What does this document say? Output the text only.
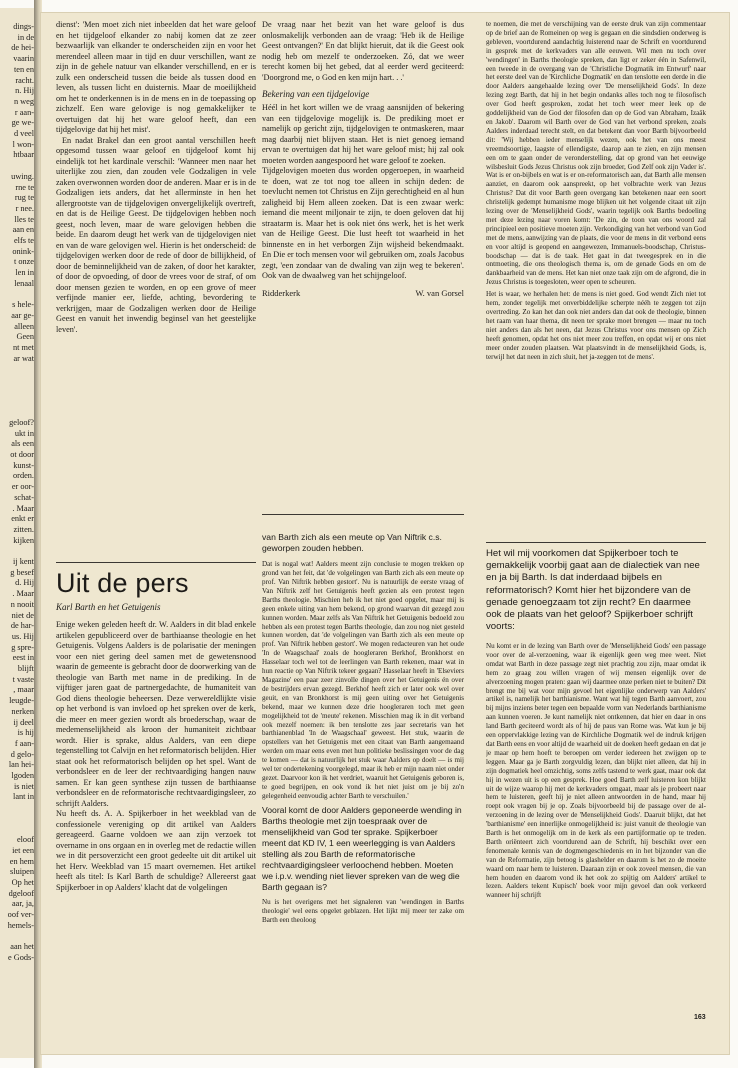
dings-
in de
de hei-
vaarin
ten en
racht.
n. Hij
n weg
r aan-
ge we-
d veel
l won-
htbaar
uwing.
rne te
rug te
r nee.
lles te
aan en
elfs te
onink-
t onze
len in
lenaal
s hele-
aar ge-
alleen
Geen
nt met
ar wat
geloof?
ukt in
als een
ot door
kunst-
orden.
er oor-
schat-
. Maar
enkt er
zitten.
kijken
ij kent
g besef
d. Hij
. Maar
n nooit
niet de
de har-
us. Hij
g spre-
eest in
blijft
t vaste
, maar
leugde-
nerken
ij deel
is hij
f aan-
d gelo-
lan hei-
lgoden
is niet
lant in
eloof
iet een
en hem
sluipen
Op het
dgeloof
aar, ja,
oof ver-
hemels-
aan het
e Gods-

dienst': 'Men moet zich niet inbeelden dat het ware geloof en het tijdgeloof elkander zo nabij komen dat ze zeer bezwaarlijk van elkander te onderscheiden zijn en voor het merendeel alleen maar in tijd en duur verschillen, want ze zijn in de gehele natuur van elkander verschillend, en er is zulk een onderscheid tussen die beide als tussen dood en leven, als tussen licht en duisternis. Maar de moeilijkheid om het te onderkennen is in de mens en in de toepassing op zichzelf. Een ware gelovige is nog gemakkelijker te overtuigen dat hij het ware geloof heeft, dan een tijdgelovige dat hij het mist'.

En nadat Brakel dan een groot aantal verschillen heeft opgesomd tussen waar geloof en tijdgeloof komt hij eindelijk tot het kardinale verschil: 'Wanneer men naar het uiterlijke zou zien, dan zouden vele Godzaligen in vele zaken overwonnen worden door de anderen. Maar er is in de Godzaligen iets anders, dat het allerminste in hen het allergrootste van de tijdgelovigen onvergelijkelijk overtreft, en dat is de Heilige Geest. De tijdgelovigen hebben noch geest, noch leven, maar de ware gelovigen hebben die beide. En daarom deugt het werk van de tijdgelovigen niet en van de ware gelovigen wel. Hierin is het onderscheid: de tijdgelovigen werken door de rede of door de billijkheid, of door de beminnelijkheid van de zaken, of door het karakter, of door de opvoeding, of door de vrees voor de straf, of om door mensen gezien te worden, en op een grove of meer verfijnde manier eer, liefde, achting, bevordering te verkrijgen, maar de Godzaligen werken door de Heilige Geest en vanuit het inwendig beginsel van het geestelijke leven'.

De vraag naar het bezit van het ware geloof is dus onlosmakelijk verbonden aan de vraag: 'Heb ik de Heilige Geest ontvangen?' En dat blijkt hieruit, dat ik die Geest ook nodig heb om mezelf te onderzoeken. Zó, dat we weer terecht komen bij het gebed, dat al eerder werd geciteerd: 'Doorgrond me, o God en ken mijn hart. . .'

Bekering van een tijdgelovige

Héél in het kort willen we de vraag aansnijden of bekering van een tijdgelovige mogelijk is. De prediking moet er namelijk op gericht zijn, tijdgelovigen te ontmaskeren, maar mag daarbij niet blijven staan. Het is niet genoeg iemand ervan te overtuigen dat hij het ware geloof mist; hij zal ook moeten worden aangespoord het ware geloof te zoeken.

Tijdgelovigen moeten dus worden opgeroepen, in waarheid te doen, wat ze tot nog toe alleen in schijn deden: de toevlucht nemen tot Christus en Zijn gerechtigheid en al hun zaligheid bij Hem alleen zoeken. Dat is een zwaar werk: iemand die meent miljonair te zijn, te doen geloven dat hij straatarm is. Maar het is ook niet óns werk, het is het werk van de Heilige Geest. Die lust heeft tot waarheid in het binnenste en in het verborgen Zijn wijsheid bekendmaakt. En Die er toch mensen voor wil gebruiken om, zoals Jacobus zegt, 'een zondaar van de dwaling van zijn weg te bekeren'. Ook van de dwaalweg van het schijngeloof.

Ridderkerk	W. van Gorsel

te noemen, die met de verschijning van de eerste druk van zijn commentaar op de brief aan de Romeinen op weg is gegaan en die sindsdien onderweg is gebleven, voortdurend aandachtig luisterend naar de Schrift en voortdurend in gesprek met de kerkvaders van alle eeuwen. Wil men nu toch over 'wendingen' in Barths theologie spreken, dan ligt er zeker één in Safenwil, een tweede in de overgang van de 'Christliche Dogmatik im Entwurf' naar het eerste deel van de 'Kirchliche Dogmatik' en dan tenslotte een derde in die door Aalders aangehaalde lezing over 'De menselijkheid Gods'. In deze lezing zegt Barth, dat hij in het begin ondanks alles toch nog te filosofisch over God heeft gesproken, zodat het toch weer meer leek op de goddelijkheid van de God der filosofen dan op de God van Abraham, Izaäk en Jakob'. Daarom wil Barth over de God van het verbond spreken, zoals Aalders inderdaad terecht stelt, en dat betekent dan voor Barth bijvoorbeeld dit: 'Wij hebben ieder menselijk wezen, ook het van ons meest vreemdsoortige, laagste of ellendigste, daarop aan te zien, en zijn mensen een om te gaan onder de veronderstelling, dat op grond van het eeuwige wilsbesluit Gods Jezus Christus ook zijn broeder, God Zelf ook zijn Vader is'. Wat is er on-bijbels en wat is er on-reformatorisch aan, dat Barth alle mensen aanziet, en daarom ook aanspreekt, op het volbrachte werk van Jezus Christus? Dat dit voor Barth geen overgang kan betekenen naar een soort christelijk gedempt humanisme moge blijken uit het volgende citaat uit zijn lezing over de 'Menselijkheid Gods', waarin tegelijk ook Barths bedoeling met deze lezing naar voren komt: 'De zin, de toon van ons woord zal principieel een positieve moeten zijn. Verkondiging van het verbond van God met de mens, aanwijzing van de plaats, die voor de mens in dit verbond eens en voor altijd is geopend en aangewezen, Immanuels-boodschap, Christus-boodschap — dat is de taak. Het gaat in dat tweegesprek en in die ontmoeting, die ons theologisch thema is, om de genade Gods en om de dankbaarheid van de mens. Het kan niet onze taak zijn om de afgrond, die in Jezus Christus is toegesloten, weer open te scheuren.

Het is waar, we herhalen het: de mens is niet goed. God wendt Zich niet tot hem, zonder tegelijk met onverbiddelijke scherpte nééh te zeggen tot zijn overtreding. Zo kan het dan ook niet anders dan dat ook de theologie, binnen het raam van haar thema, dit neen ter sprake moet brengen — maar nu toch niet anders dan als het neen, dat Jezus Christus voor ons mensen op Zich heeft genomen, opdat het ons niet meer zou treffen, en opdat wij er ons niet meer onder zouden plaatsen. Wat plaatsvindt in de menselijkheid Gods, is, terwijl het dat neen in zich sluit, het ja-zeggen tot de mens'.

Uit de pers
Karl Barth en het Getuigenis

Enige weken geleden heeft dr. W. Aalders in dit blad enkele artikelen gepubliceerd over de barthiaanse theologie en het Getuigenis. Volgens Aalders is de polarisatie der meningen voor een niet gering deel samen met de gewetensnood waarin de gemeente is gebracht door de doorwerking van de theologie van Barth met name in de prediking. In de vijftiger jaren gaat de partnergedachte, de humaniteit van God diens theologie beheersen. Deze verwereldlijkte visie op het verbond is van invloed op het spreken over de kerk, die meer en meer gezien wordt als broederschap, waar de medemenselijkheid als kroon der humaniteit zichtbaar wordt. Hier is sprake, aldus Aalders, van een diepe tegenstelling tot Calvijn en het reformatorisch belijden. Hier staat ook het reformatorisch belijden op het spel. Want de verbondsleer en de leer der rechtvaardiging hangen nauw samen. Er kan geen synthese zijn tussen de barthiaanse verbondsleer en de reformatorische rechtvaardigingsleer, zo schrijft Aalders.

Nu heeft ds. A. A. Spijkerboer in het weekblad van de confessionele vereniging op dit artikel van Aalders gereageerd. Gaarne voldoen we aan zijn verzoek tot overname in ons orgaan en in overleg met de redactie willen we in dit persoverzicht een groot gedeelte uit dit artikel uit het Herv. Weekblad van 15 maart overnemen. Het artikel heeft als titel: Is Karl Barth de schuldige? Allereerst gaat Spijkerboer in op Aalders' klacht dat de volgelingen

van Barth zich als een meute op Van Niftrik c.s. geworpen zouden hebben.

Dat is nogal wat! Aalders meent zijn conclusie te mogen trekken op grond van het feit, dat 'de volgelingen van Barth zich als een meute op prof. Van Niftrik hebben gestort'. Nu is natuurlijk de eerste vraag of Van Niftrik zelf het Getuigenis heeft gezien als een protest tegen Barths theologie. Mischien heb ik het niet goed opgelet, maar mij is geen enkele uiting van hem bekend, op grond waarvan dit gezegd zou kunnen worden. Maar zelfs als Van Niftrik het Getuigenis bedoeld zou hebben als een protest tegen Barths theologie, dan zou nog niet gesteld kunnen worden, dat 'de volgelingen van Barth zich als een meute op prof. Van Niftrik hebben gestort'. We mogen redacteuren van het oude 'In de Waagschaal' zoals de hoogleraren Berkhof, Bronkhorst en Hasselaar toch wel tot de leerlingen van Barth rekenen, maar wat in hun reactie op Van Niftrik tekeer gegaan? Hasselaar heeft in 'Elseviers Magazine' een paar zeer zinvolle dingen over het Getuigenis én over de bestrijders ervan gezegd. Berkhof heeft zich er later ook wel over geuit, en van Bronkhorst is mij geen uiting over het Getuigenis bekend, maar we kunnen deze drie hoogleraren toch met geen mogelijkheid tot de 'meute' rekenen. Misschien mag ik in dit verband ook mezelf noemen: ik ben tenslotte zes jaar secretaris van het barthianenblad 'In de Waagschaal' geweest. Het stuk, waarin de opstellers van het Getuigenis met een citaat van Barth aangemaand werden om maar eens even met hun politieke beslissingen voor de dag te komen — dat is natuurlijk het stuk waar Aalders op doelt — is mij wel ter ondertekening voorgelegd, maar ik heb er mijn naam niet onder gezet. Daarvoor kon ik het verdriet, waaruit het Getuigenis geboren is, te goed begrijpen, en ook vond ik het niet juist om je bij zo'n gelegenheid eenvoudig achter Barth te verschuilen.'

Vooral komt de door Aalders geponeerde wending in Barths theologie met zijn toespraak over de menselijkheid van God ter sprake. Spijkerboer meent dat KD IV, 1 een weerlegging is van Aalders stelling als zou Barth de reformatorische rechtvaardigingsleer verloochend hebben. Moeten we i.p.v. wending niet liever spreken van de weg die Barth gegaan is?

Nu is het overigens met het signaleren van 'wendingen in Barths theologie' wel eens opgelet geblazen. Het lijkt mij meer ter zake om Barth een theoloog

Het wil mij voorkomen dat Spijkerboer toch te gemakkelijk voorbij gaat aan de dialectiek van nee en ja bij Barth. Is dat inderdaad bijbels en reformatorisch? Komt hier het bijzondere van de genade genoegzaam tot zijn recht? En daarmee ook de plaats van het geloof? Spijkerboer schrijft voorts:

Nu komt er in de lezing van Barth over de 'Menselijkheid Gods' een passage voor over de al-verzoening, waar ik eigenlijk geen weg mee weet. Niet omdat wat Barth in deze passage zegt niet prachtig zou zijn, maar omdat ik hem zo graag zou willen vragen of wij mensen eigenlijk over de alverzoening mogen praten: gaan wij daarmee onze perken niet te buiten? Dit brengt me bij wat voor mijn gevoel het eigenlijke onderwerp van Aalders' artikel is, namelijk het barthianisme. Want wat hij tegen Barth aanvoert, zou bij mijns inziens beter tegen een bepaalde vorm van Nederlands barthianisme aan kunnen voeren. Je kunt namelijk niet ontkennen, dat hier en daar in ons land Barth geciteerd wordt als of hij de paus van Rome was. Wat kun je bij een oppervlakkige lezing van de Kirchliche Dogmatik wel de indruk krijgen dat Barth eens en voor altijd de waarheid uit de doeken heeft gedaan en dat je je maar op hem hoeft te beroepen om verder iedereen het zwijgen op te leggen. Maar ga je Barth zorgvuldig lezen, dan blijkt niet alleen, dat hij in zijn dogmatiek heel omzichtig, soms zelfs tastend te werk gaat, maar ook dat hij in wezen uit is op een gesprek. Hoe goed Barth zelf luisteren kon blijkt uit de wijze waarop hij met de kerkvaders omgaat, maar als je probeert naar hem te luisteren, geeft hij je niet alleen antwoorden in de hand, maar hij roept ook vragen bij je op. Zoals bijvoorbeeld bij de passage over de al-verzoening in de lezing over de 'Menselijkheid Gods'. Daaruit blijkt, dat het 'barthianisme' een innerlijke onmogelijkheid is: juist vanuit de theologie van Barth is het onmogelijk om in de kerk als een partijformatie op te treden. Barth oriënteert zich voortdurend aan de Schrift, hij beschikt over een fenomenale kennis van de dogmengeschiedenis en in het bijzonder van die van de Reformatie, zijn betoog is glashelder en daarom is het zo de moeite waard om naar hem te luisteren. Daaraan zijn er ook zoveel mensen, die van hem houden en daarom vond ik het ook zo spijtig om Aalders' artikel te lezen. Aalders tekent Kupisch' boek voor mijn gevoel dan ook verkeerd wanneer hij schrijft

163
